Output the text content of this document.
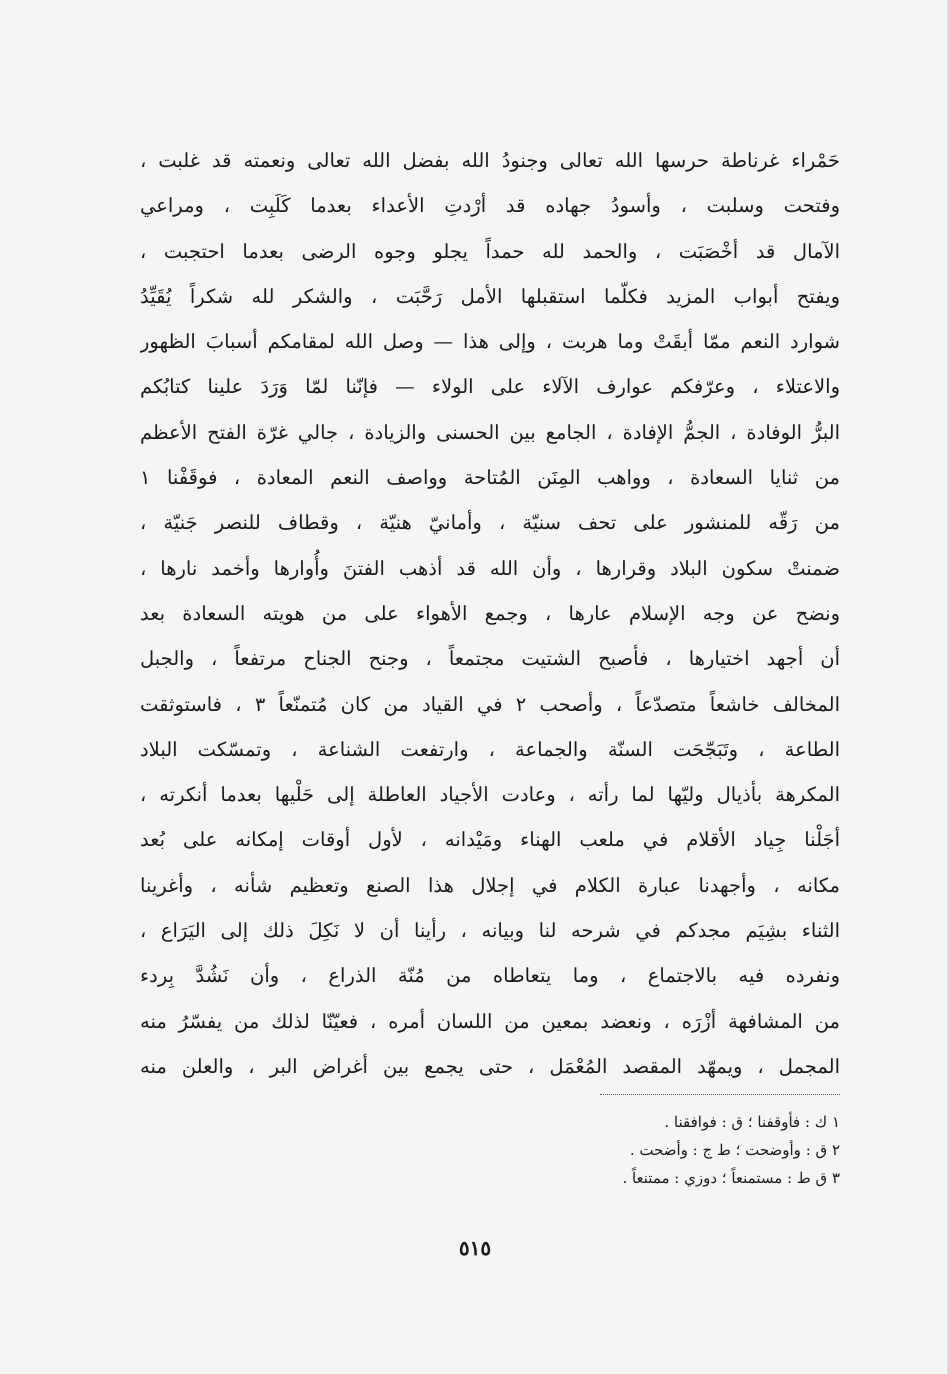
حَمْراء غرناطة حرسها الله تعالى وجنودُ الله بفضل الله تعالى ونعمته قد غلبت ،
وفتحت وسلبت ، وأسودُ جهاده قد أرْدتِ الأعداء بعدما كَلَبِت ، ومراعي
الآمال قد أخْصَبَت ، والحمد لله حمداً يجلو وجوه الرضى بعدما احتجبت ،
ويفتح أبواب المزيد فكلّما استقبلها الأمل رَحَّبَت ، والشكر لله شكراً يُقَيِّدُ
شوارد النعم ممّا أبقَتْ وما هربت ، وإلى هذا — وصل الله لمقامكم أسبابَ الظهور
والاعتلاء ، وعرّفكم عوارف الآلاء على الولاء — فإنّنا لمّا وَرَدَ علينا كتابُكم
البرُّ الوفادة ، الجمُّ الإفادة ، الجامع بين الحسنى والزيادة ، جالي غرّة الفتح الأعظم
من ثنايا السعادة ، وواهب المِنَن المُتاحة وواصف النعم المعادة ، فوقَفْنا ١
من رَقّه للمنشور على تحف سنيّة ، وأمانيّ هنيّة ، وقطاف للنصر جَنيّة ،
ضمنتْ سكون البلاد وقرارها ، وأن الله قد أذهب الفتنَ وأُوارها وأخمد نارها ،
ونضح عن وجه الإسلام عارها ، وجمع الأهواء على من هويته السعادة بعد
أن أجهد اختيارها ، فأصبح الشتيت مجتمعاً ، وجنح الجناح مرتفعاً ، والجبل
المخالف خاشعاً متصدّعاً ، وأصحب ٢ في القياد من كان مُتمنّعاً ٣ ، فاستوثقت
الطاعة ، وتَبَجّحَت السنّة والجماعة ، وارتفعت الشناعة ، وتمسّكت البلاد
المكرهة بأذيال وليّها لما رأته ، وعادت الأجياد العاطلة إلى حَلْيها بعدما أنكرته ،
أجَلْنا جِياد الأقلام في ملعب الهناء ومَيْدانه ، لأول أوقات إمكانه على بُعد
مكانه ، وأجهدنا عبارة الكلام في إجلال هذا الصنع وتعظيم شأنه ، وأغرينا
الثناء بشِيَم مجدكم في شرحه لنا وبيانه ، رأينا أن لا نَكِلَ ذلك إلى اليَرَاع ،
ونفرده فيه بالاجتماع ، وما يتعاطاه من مُنّة الذراع ، وأن نَشُدَّ بِردء
من المشافهة أزْرَه ، ونعضد بمعين من اللسان أمره ، فعيّنّا لذلك من يفسّرُ منه
المجمل ، ويمهّد المقصد المُعْمَل ، حتى يجمع بين أغراض البر ، والعلن منه
١ ك : فأوقفنا ؛ ق : فوافقنا .
٢ ق : وأوضحت ؛ ط ج : وأضحت .
٣ ق ط : مستمنعاً ؛ دوزي : ممتنعاً .
٥١٥
